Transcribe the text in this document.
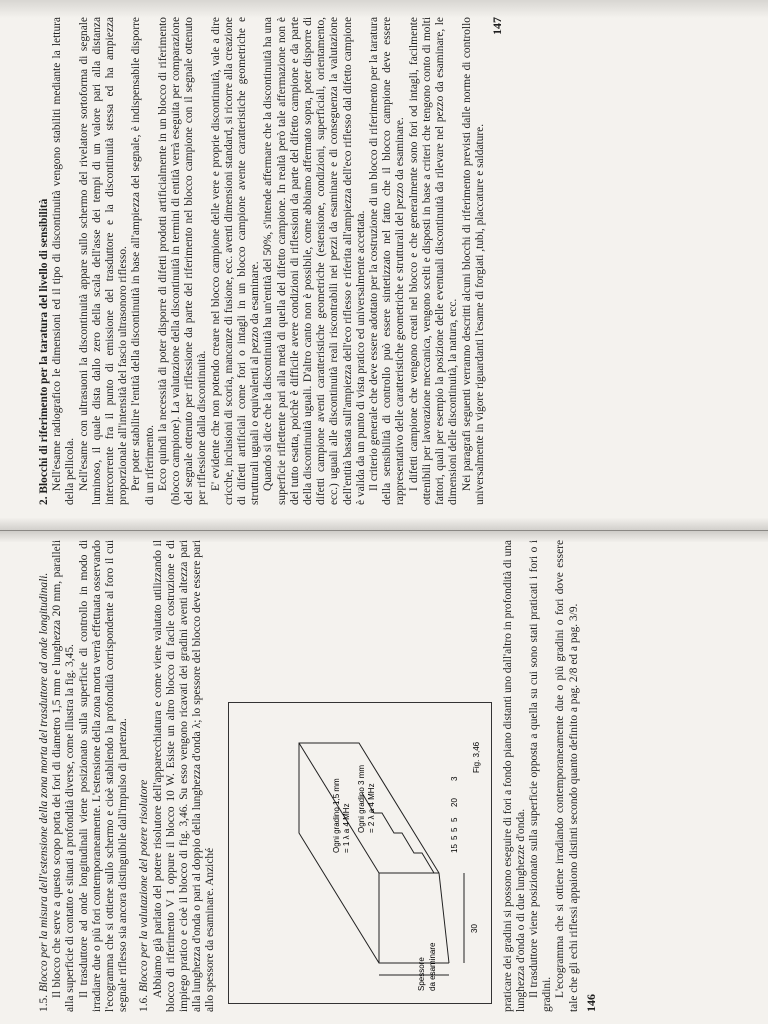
1.5. Blocco per la misura dell'estensione della zona morta del trasduttore ad onde longitudinali. Il blocco che serve a questo scopo porta dei fori di diametro 1,5 mm e lunghezza 20 mm, paralleli alla superficie di contatto e situati a profondità diverse, come illustra la fig. 3,45. Il trasduttore ad onde longitudinali viene posizionato sulla superficie di controllo in modo di irradiare due o più fori contemporaneamente. L'estensione della zona morta verrà effettuata osservando l'ecogramma che si ottiene sullo schermo e cioè stabilendo la profondità corrispondente al foro il cui segnale riflesso sia ancora distinguibile dall'impulso di partenza. 1.6. Blocco per la valutazione del potere risolutore Abbiamo già parlato del potere risolutore dell'apparecchiatura e come viene valutato utilizzando il blocco di riferimento V 1 oppure il blocco 10 W. Esiste un altro blocco di facile costruzione e di impiego pratico e cioè il blocco di fig. 3,46. Su esso vengono ricavati dei gradini aventi altezza pari alla lunghezza d'onda o pari al doppio della lunghezza d'onda λ; lo spessore del blocco deve essere pari allo spessore da esaminare. Anziché	30
Spessore da esaminare
Ogni gradino 1,5 mm = 1 λ a 4 MHz Ogni gradino 3 mm = 2 λ a 4 MHz
15
5
5
5
20
3
Fig. 3,46 praticare dei gradini si possono eseguire di fori a fondo piano distanti uno dall'altro in profondità di una lunghezza d'onda o di due lunghezze d'onda. Il trasduttore viene posizionato sulla superficie opposta a quella su cui sono stati praticati i fori o i gradini. L'ecogramma che si ottiene irradiando contemporaneamente due o più gradini o fori dove essere tale che gli echi riflessi appaiono distinti secondo quanto definito a pag. 2/8 ed a pag. 3/9. 146

2. Blocchi di riferimento per la taratura del livello di sensibilità Nell'esame radiografico le dimensioni ed il tipo di discontinuità vengono stabiliti mediante la lettura della pellicola. Nell'esame con ultrasuoni la discontinuità appare sullo schermo del rivelatore sortoforma di segnale luminoso, il quale dista dallo zero della scala dell'asse dei tempi di un valore pari alla distanza intercorrente fra il punto di emissione del trasduttore e la discontinuità stessa ed ha ampiezza proporzionale all'intensità del fascio ultrasonoro riflesso. Per poter stabilire l'entità della discontinuità in base all'ampiezza del segnale, è indispensabile disporre di un riferimento. Ecco quindi la necessità di poter disporre di difetti prodotti artificialmente in un blocco di riferimento (blocco campione). La valutazione della discontinuità in termini di entità verrà eseguita per comparazione del segnale ottenuto per riflessione da parte del riferimento nel blocco campione con il segnale ottenuto per riflessione dalla discontinuità. E' evidente che non potendo creare nel blocco campione delle vere e proprie discontinuità, vale a dire cricche, inclusioni di scoria, mancanze di fusione, ecc. aventi dimensioni standard, si ricorre alla creazione di difetti artificiali come fori o intagli in un blocco campione avente caratteristiche geometriche e strutturali uguali o equivalenti al pezzo da esaminare. Quando si dice che la discontinuità ha un'entità del 50%, s'intende affermare che la discontinuità ha una superficie riflettente pari alla metà di quella del difetto campione. In realtà però tale affermazione non è del tutto esatta, poichè è difficile avere condizioni di riflessioni da parte del difetto campione e da parte della discontinuità uguali. D'altro canto non è possibile, come abbiamo affermato sopra, poter disporre di difetti campione aventi caratteristiche geometriche (estensione, condizioni, superficiali, orientamento, ecc.) uguali alle discontinuità reali riscontrabili nei pezzi da esaminare e di conseguenza la valutazione dell'entità basata sull'ampiezza dell'eco riflesso e riferita all'ampiezza dell'eco riflesso dal difetto campione è valida da un punto di vista pratico ed universalmente accettata. Il criterio generale che deve essere adottato per la costruzione di un blocco di riferimento per la taratura della sensibilità di controllo può essere sintetizzato nel fatto che il blocco campione deve essere rappresentativo delle caratteristiche geometriche e strutturali del pezzo da esaminare. I difetti campione che vengono creati nel blocco e che generalmente sono fori od intagli, facilmente ottenibili per lavorazione meccanica, vengono scelti e disposti in base a criteri che tengono conto di molti fattori, quali per esempio la posizione delle eventuali discontinuità da rilevare nel pezzo da esaminare, le dimensioni delle discontinuità, la natura, ecc. Nei paragrafi seguenti verranno descritti alcuni blocchi di riferimento previsti dalle norme di controllo universalmente in vigore riguardanti l'esame di forgiati ,tubi, placcature e saldature.

147
